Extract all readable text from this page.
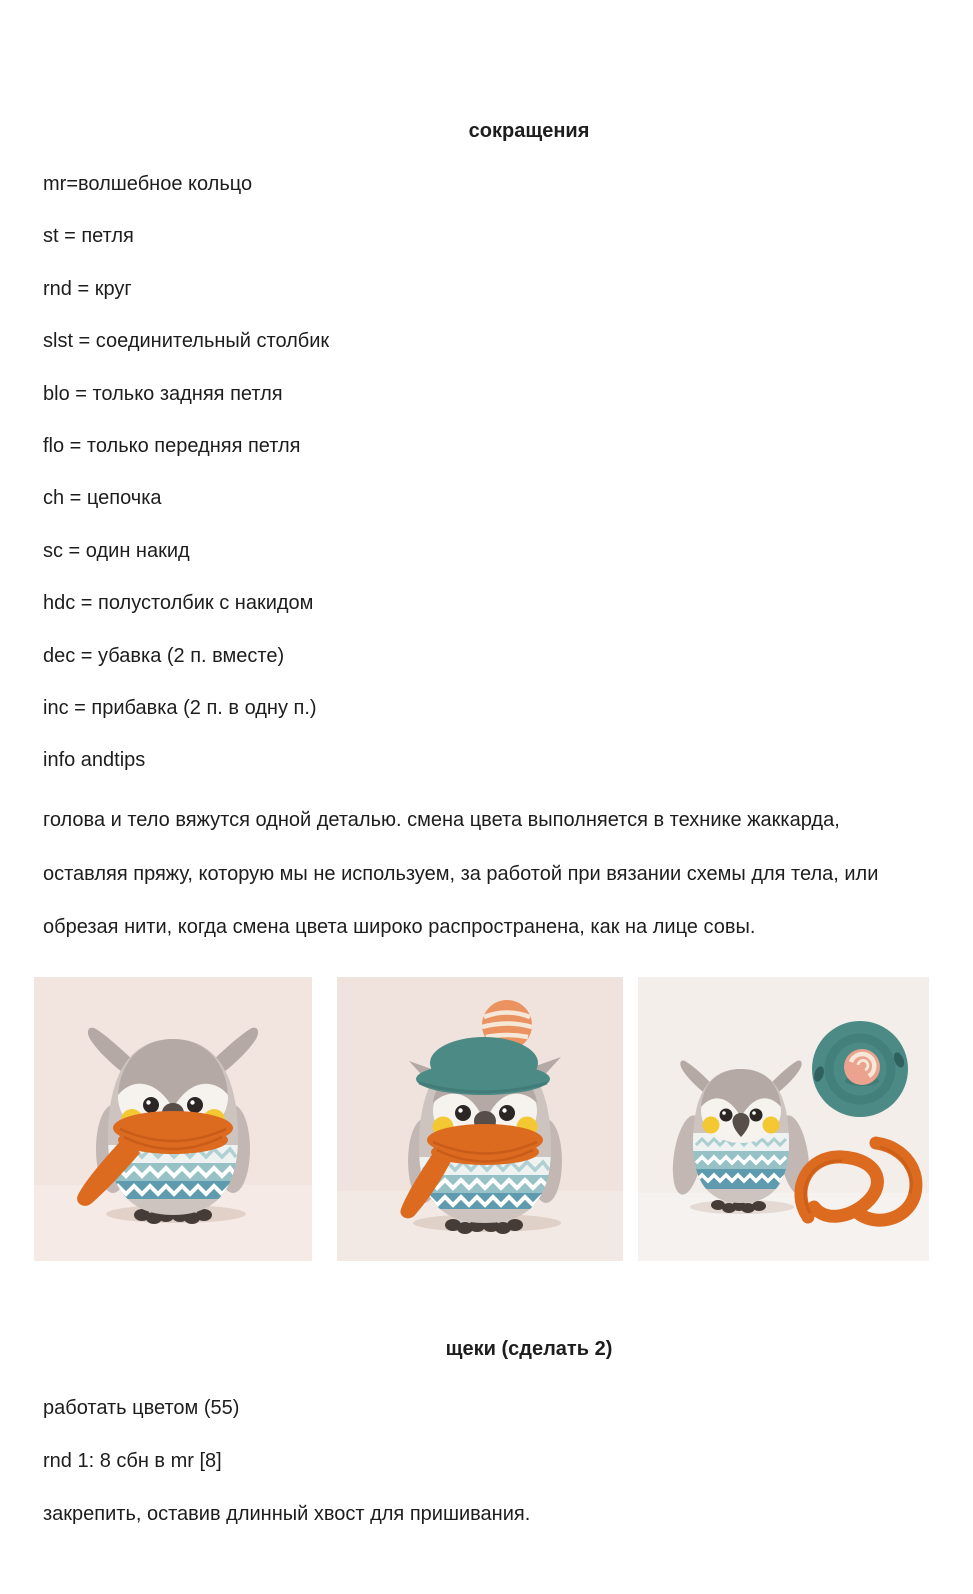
сокращения
mr=волшебное кольцо
st = петля
rnd = круг
slst = соединительный столбик
blo = только задняя петля
flo = только передняя петля
ch = цепочка
sc = один накид
hdc = полустолбик с накидом
dec = убавка (2 п. вместе)
inc = прибавка (2 п. в одну п.)
info andtips
голова и тело вяжутся одной деталью. смена цвета выполняется в технике жаккарда,
оставляя пряжу, которую мы не используем, за работой при вязании схемы для тела, или
обрезая нити, когда смена цвета широко распространена, как на лице совы.
щеки (сделать 2)
работать цветом (55)
rnd 1: 8 сбн в mr [8]
закрепить, оставив длинный хвост для пришивания.
